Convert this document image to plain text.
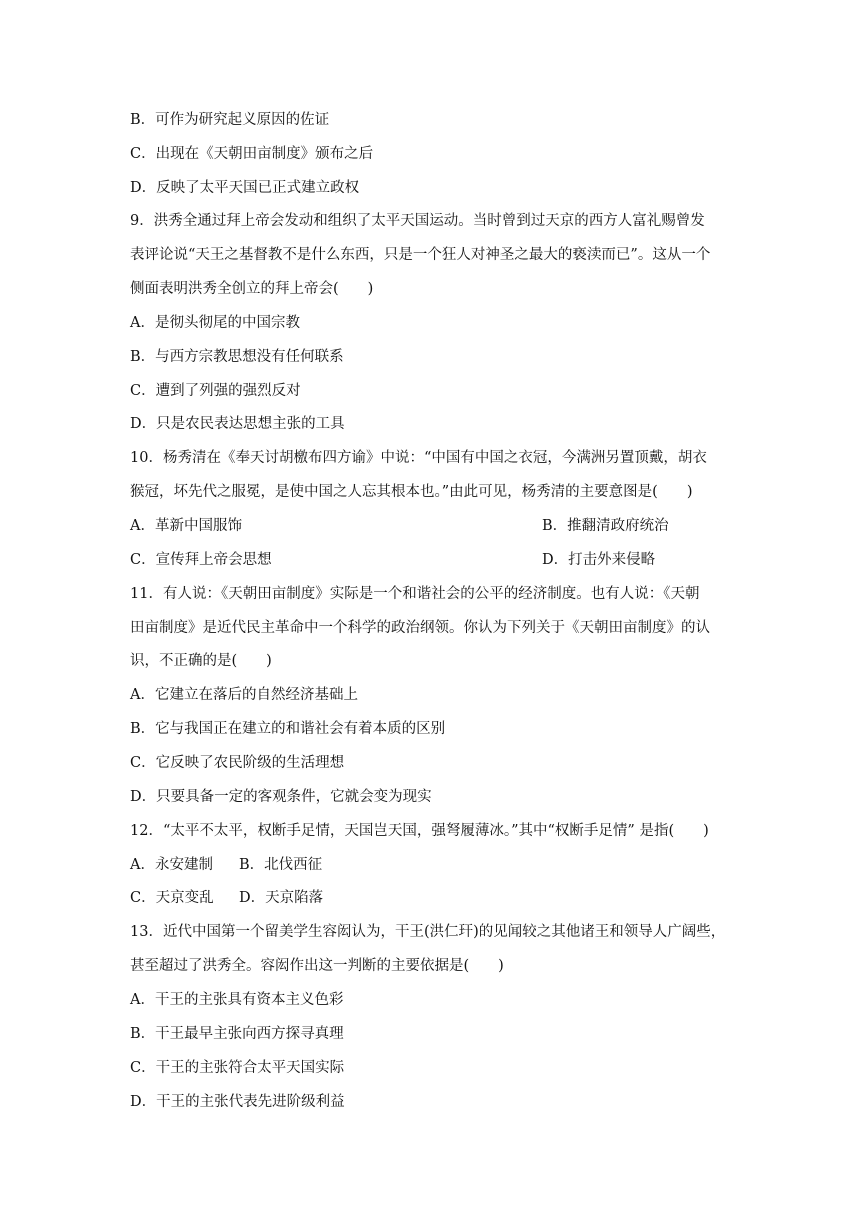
B．可作为研究起义原因的佐证
C．出现在《天朝田亩制度》颁布之后
D．反映了太平天国已正式建立政权
9．洪秀全通过拜上帝会发动和组织了太平天国运动。当时曾到过天京的西方人富礼赐曾发
表评论说“天王之基督教不是什么东西，只是一个狂人对神圣之最大的亵渎而已”。这从一个
侧面表明洪秀全创立的拜上帝会(　　)
A．是彻头彻尾的中国宗教
B．与西方宗教思想没有任何联系
C．遭到了列强的强烈反对
D．只是农民表达思想主张的工具
10．杨秀清在《奉天讨胡檄布四方谕》中说：“中国有中国之衣冠，今满洲另置顶戴，胡衣
猴冠，坏先代之服冕，是使中国之人忘其根本也。”由此可见，杨秀清的主要意图是(　　)
A．革新中国服饰	B．推翻清政府统治
C．宣传拜上帝会思想	D．打击外来侵略
11．有人说：《天朝田亩制度》实际是一个和谐社会的公平的经济制度。也有人说：《天朝
田亩制度》是近代民主革命中一个科学的政治纲领。你认为下列关于《天朝田亩制度》的认
识，不正确的是(　　)
A．它建立在落后的自然经济基础上
B．它与我国正在建立的和谐社会有着本质的区别
C．它反映了农民阶级的生活理想
D．只要具备一定的客观条件，它就会变为现实
12．“太平不太平，权断手足情，天国岂天国，强弩履薄冰。”其中“权断手足情” 是指(　　)
A．永安建制 B．北伐西征
C．天京变乱 D．天京陷落
13．近代中国第一个留美学生容闳认为，干王(洪仁玕)的见闻较之其他诸王和领导人广阔些，
甚至超过了洪秀全。容闳作出这一判断的主要依据是(　　)
A．干王的主张具有资本主义色彩
B．干王最早主张向西方探寻真理
C．干王的主张符合太平天国实际
D．干王的主张代表先进阶级利益
